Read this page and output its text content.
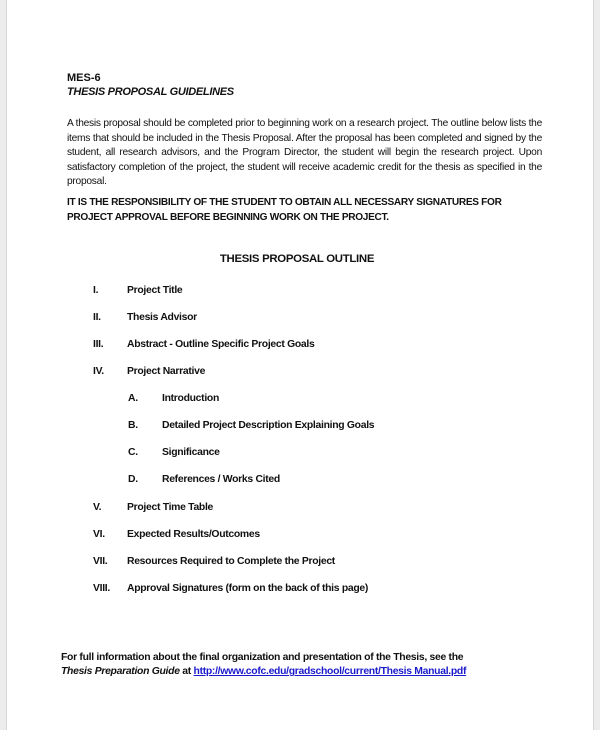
MES-6
THESIS PROPOSAL GUIDELINES
A thesis proposal should be completed prior to beginning work on a research project. The outline below lists the items that should be included in the Thesis Proposal. After the proposal has been completed and signed by the student, all research advisors, and the Program Director, the student will begin the research project. Upon satisfactory completion of the project, the student will receive academic credit for the thesis as specified in the proposal.
IT IS THE RESPONSIBILITY OF THE STUDENT TO OBTAIN ALL NECESSARY SIGNATURES FOR PROJECT APPROVAL BEFORE BEGINNING WORK ON THE PROJECT.
THESIS PROPOSAL OUTLINE
I.	Project Title
II.	Thesis Advisor
III.	Abstract - Outline Specific Project Goals
IV.	Project Narrative
A.	Introduction
B.	Detailed Project Description Explaining Goals
C.	Significance
D.	References / Works Cited
V.	Project Time Table
VI.	Expected Results/Outcomes
VII.	Resources Required to Complete the Project
VIII.	Approval Signatures (form on the back of this page)
For full information about the final organization and presentation of the Thesis, see the
Thesis Preparation Guide at http://www.cofc.edu/gradschool/current/Thesis Manual.pdf
